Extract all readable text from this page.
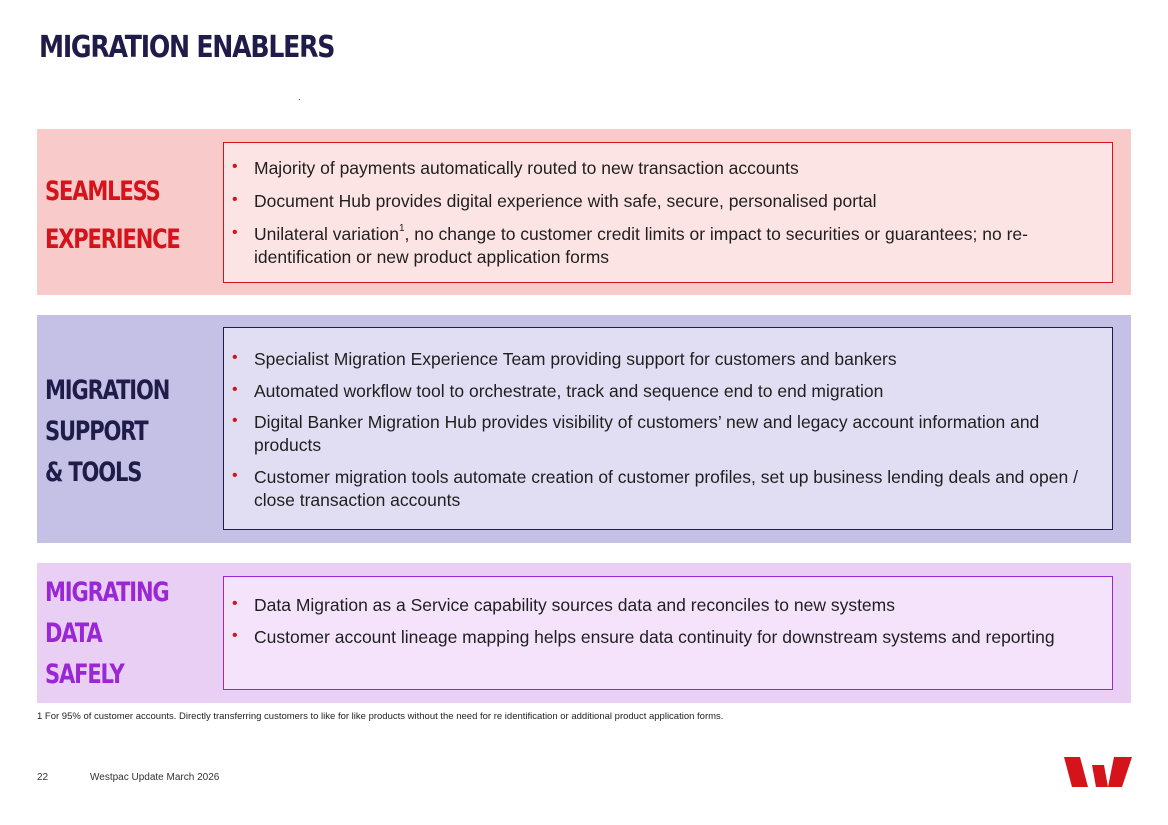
MIGRATION ENABLERS
SEAMLESS
EXPERIENCE
• Majority of payments automatically routed to new transaction accounts
• Document Hub provides digital experience with safe, secure, personalised portal
• Unilateral variation$^1$, no change to customer credit limits or impact to securities or guarantees; no re-identification or new product application forms
MIGRATION
SUPPORT
& TOOLS
• Specialist Migration Experience Team providing support for customers and bankers
• Automated workflow tool to orchestrate, track and sequence end to end migration
• Digital Banker Migration Hub provides visibility of customers’ new and legacy account information and products
• Customer migration tools automate creation of customer profiles, set up business lending deals and open / close transaction accounts
MIGRATING
DATA
SAFELY
• Data Migration as a Service capability sources data and reconciles to new systems
• Customer account lineage mapping helps ensure data continuity for downstream systems and reporting
1 For 95% of customer accounts. Directly transferring customers to like for like products without the need for re identification or additional product application forms.
22	Westpac Update March 2026
